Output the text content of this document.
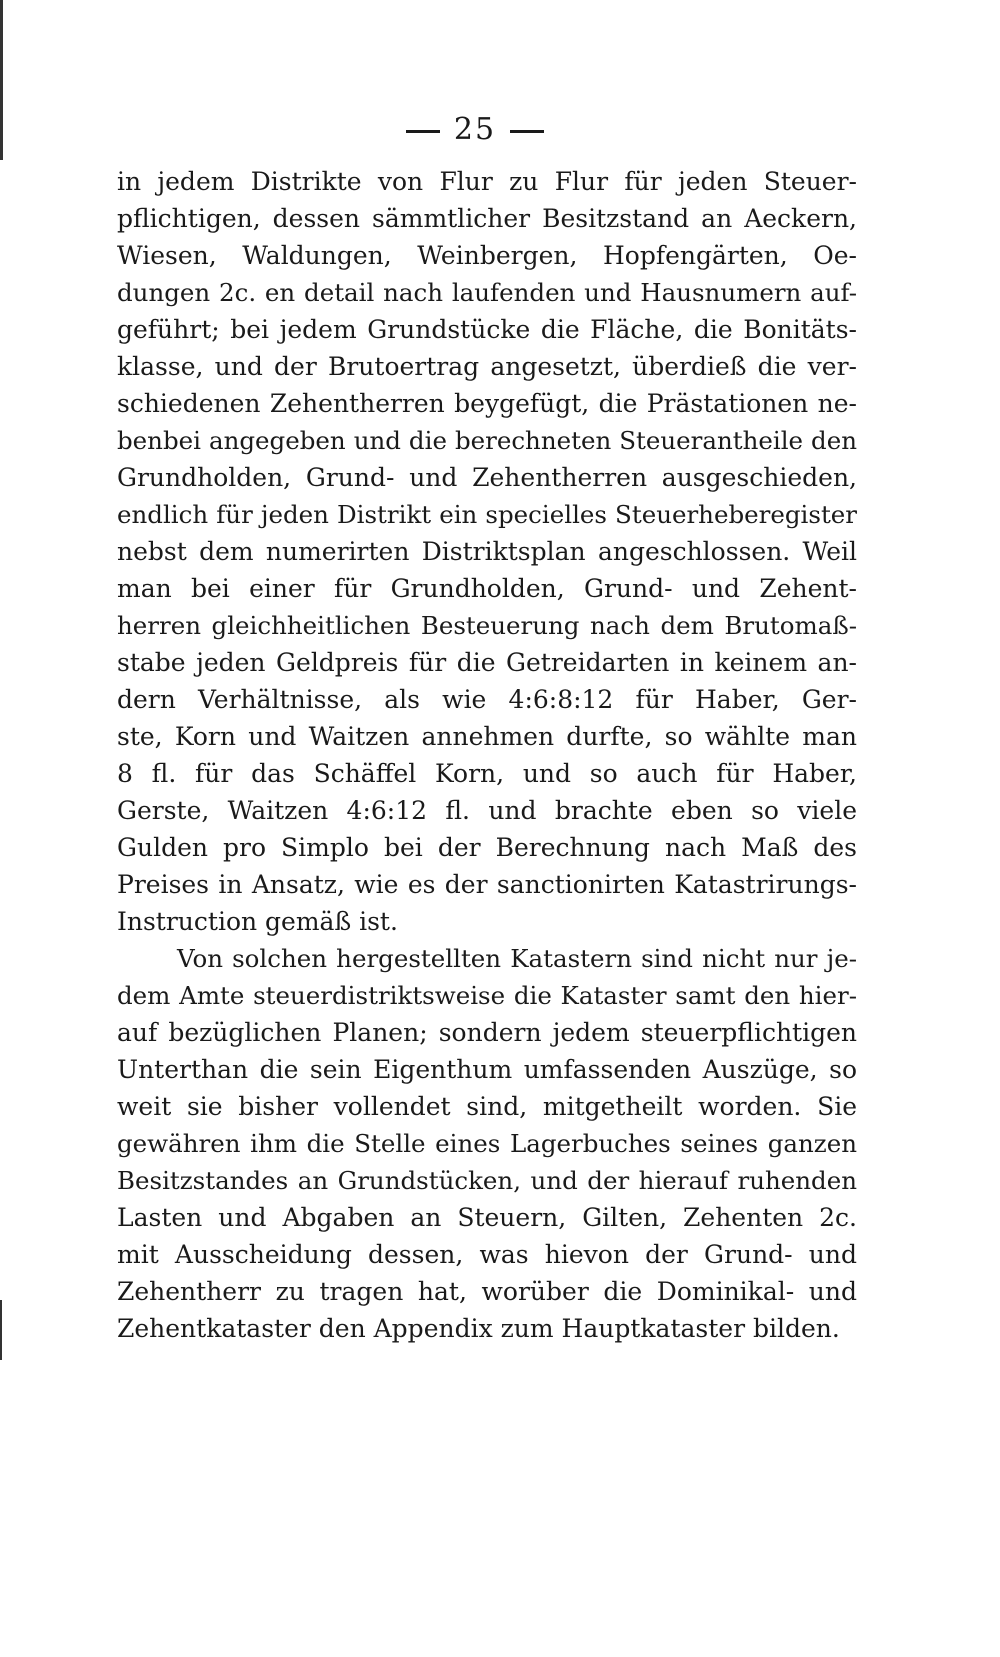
25
in jedem Distrikte von Flur zu Flur für jeden Steuer-
pflichtigen, dessen sämmtlicher Besitzstand an Aeckern,
Wiesen, Waldungen, Weinbergen, Hopfengärten, Oe-
dungen 2c. en detail nach laufenden und Hausnumern auf-
geführt; bei jedem Grundstücke die Fläche, die Bonitäts-
klasse, und der Brutoertrag angesetzt, überdieß die ver-
schiedenen Zehentherren beygefügt, die Prästationen ne-
benbei angegeben und die berechneten Steuerantheile den
Grundholden, Grund- und Zehentherren ausgeschieden,
endlich für jeden Distrikt ein specielles Steuerheberegister
nebst dem numerirten Distriktsplan angeschlossen. Weil
man bei einer für Grundholden, Grund- und Zehent-
herren gleichheitlichen Besteuerung nach dem Brutomaß-
stabe jeden Geldpreis für die Getreidarten in keinem an-
dern Verhältnisse, als wie 4:6:8:12 für Haber, Ger-
ste, Korn und Waitzen annehmen durfte, so wählte man
8 fl. für das Schäffel Korn, und so auch für Haber,
Gerste, Waitzen 4:6:12 fl. und brachte eben so viele
Gulden pro Simplo bei der Berechnung nach Maß des
Preises in Ansatz, wie es der sanctionirten Katastrirungs-
Instruction gemäß ist.
Von solchen hergestellten Katastern sind nicht nur je-
dem Amte steuerdistriktsweise die Kataster samt den hier-
auf bezüglichen Planen; sondern jedem steuerpflichtigen
Unterthan die sein Eigenthum umfassenden Auszüge, so
weit sie bisher vollendet sind, mitgetheilt worden. Sie
gewähren ihm die Stelle eines Lagerbuches seines ganzen
Besitzstandes an Grundstücken, und der hierauf ruhenden
Lasten und Abgaben an Steuern, Gilten, Zehenten 2c.
mit Ausscheidung dessen, was hievon der Grund- und
Zehentherr zu tragen hat, worüber die Dominikal- und
Zehentkataster den Appendix zum Hauptkataster bilden.
